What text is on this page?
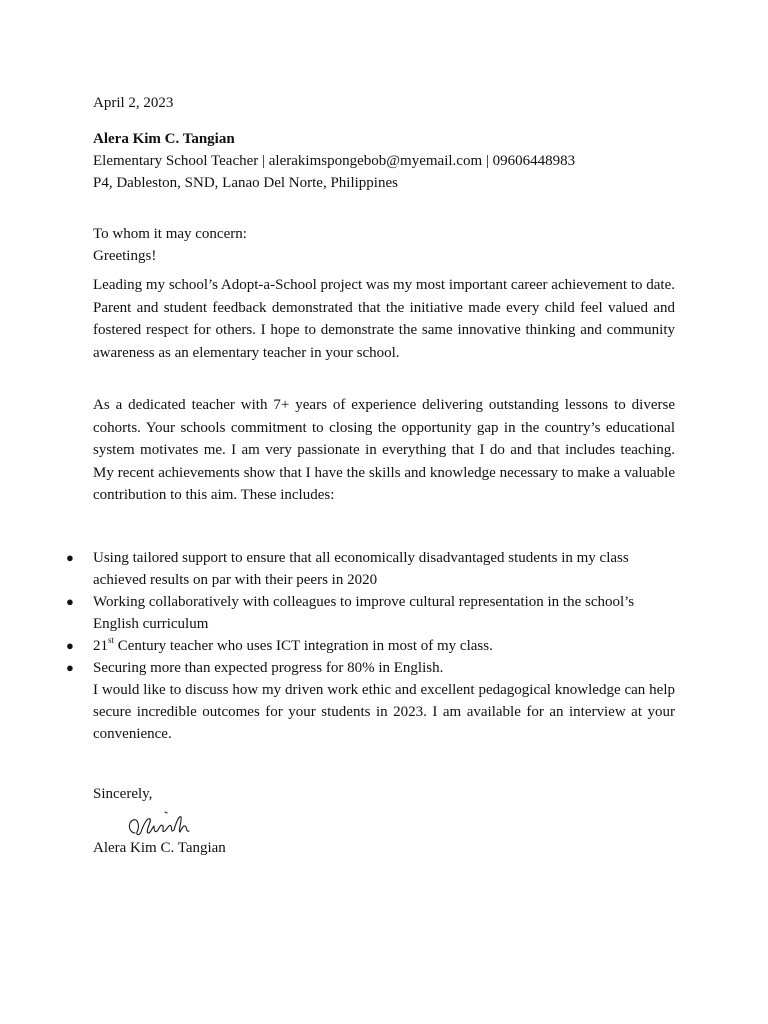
April 2, 2023
Alera Kim C. Tangian
Elementary School Teacher | alerakimspongebob@myemail.com | 09606448983
P4, Dableston, SND, Lanao Del Norte, Philippines
To whom it may concern:
Greetings!

Leading my school’s Adopt-a-School project was my most important career achievement to date. Parent and student feedback demonstrated that the initiative made every child feel valued and fostered respect for others. I hope to demonstrate the same innovative thinking and community awareness as an elementary teacher in your school.

As a dedicated teacher with 7+ years of experience delivering outstanding lessons to diverse cohorts. Your schools commitment to closing the opportunity gap in the country’s educational system motivates me. I am very passionate in everything that I do and that includes teaching. My recent achievements show that I have the skills and knowledge necessary to make a valuable contribution to this aim. These includes:

● Using tailored support to ensure that all economically disadvantaged students in my class achieved results on par with their peers in 2020
● Working collaboratively with colleagues to improve cultural representation in the school’s English curriculum
● 21st Century teacher who uses ICT integration in most of my class.
● Securing more than expected progress for 80% in English.
I would like to discuss how my driven work ethic and excellent pedagogical knowledge can help secure incredible outcomes for your students in 2023. I am available for an interview at your convenience.
Sincerely,
Alera Kim C. Tangian
